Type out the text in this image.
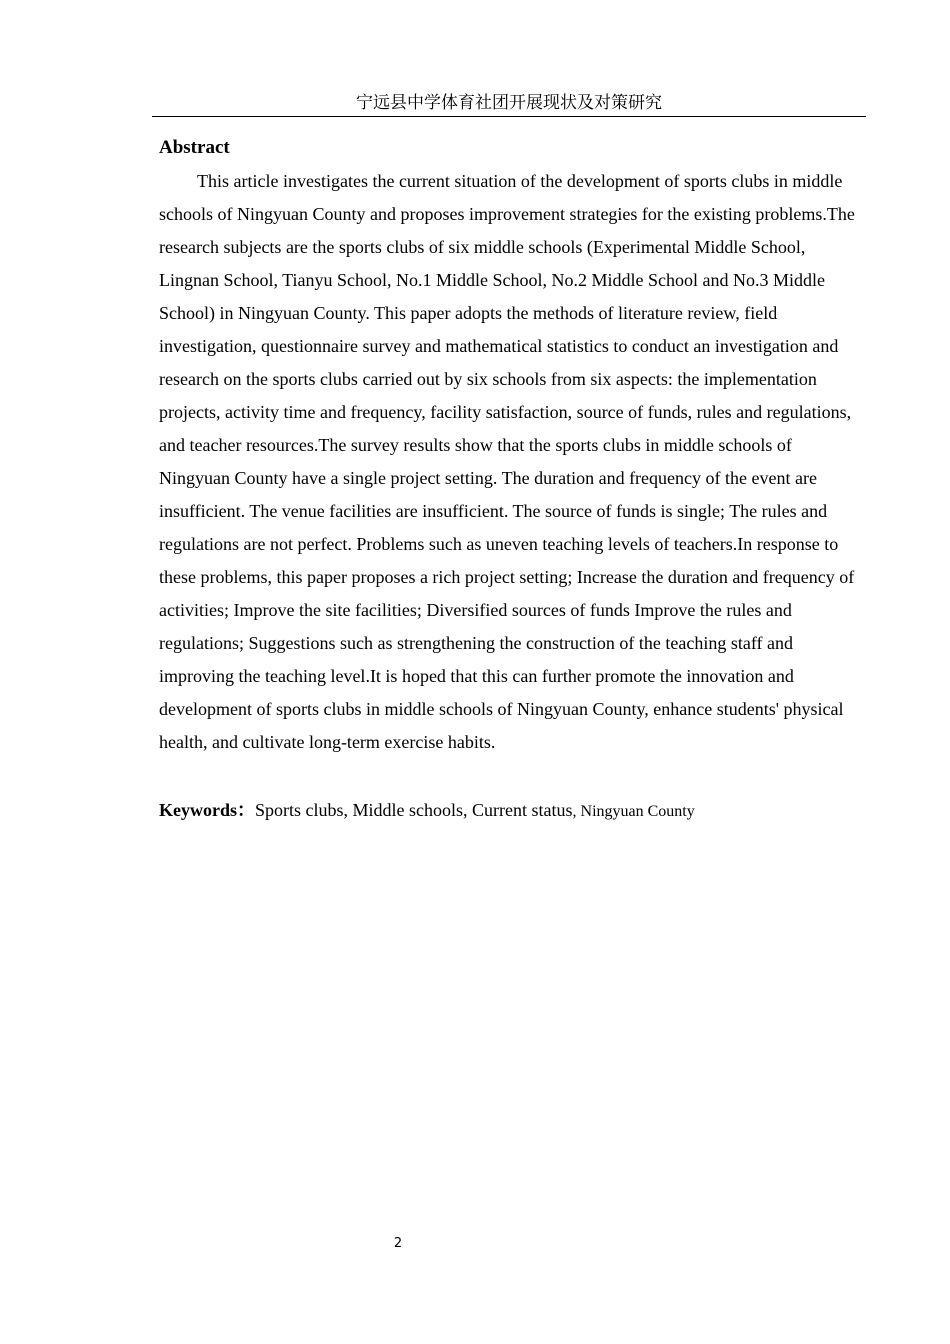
宁远县中学体育社团开展现状及对策研究
Abstract

This article investigates the current situation of the development of sports clubs in middle schools of Ningyuan County and proposes improvement strategies for the existing problems.The research subjects are the sports clubs of six middle schools (Experimental Middle School, Lingnan School, Tianyu School, No.1 Middle School, No.2 Middle School and No.3 Middle School) in Ningyuan County. This paper adopts the methods of literature review, field investigation, questionnaire survey and mathematical statistics to conduct an investigation and research on the sports clubs carried out by six schools from six aspects: the implementation projects, activity time and frequency, facility satisfaction, source of funds, rules and regulations, and teacher resources.The survey results show that the sports clubs in middle schools of Ningyuan County have a single project setting. The duration and frequency of the event are insufficient. The venue facilities are insufficient. The source of funds is single; The rules and regulations are not perfect. Problems such as uneven teaching levels of teachers.In response to these problems, this paper proposes a rich project setting; Increase the duration and frequency of activities; Improve the site facilities; Diversified sources of funds Improve the rules and regulations; Suggestions such as strengthening the construction of the teaching staff and improving the teaching level.It is hoped that this can further promote the innovation and development of sports clubs in middle schools of Ningyuan County, enhance students' physical health, and cultivate long-term exercise habits.

Keywords：Sports clubs, Middle schools, Current status, Ningyuan County
2
